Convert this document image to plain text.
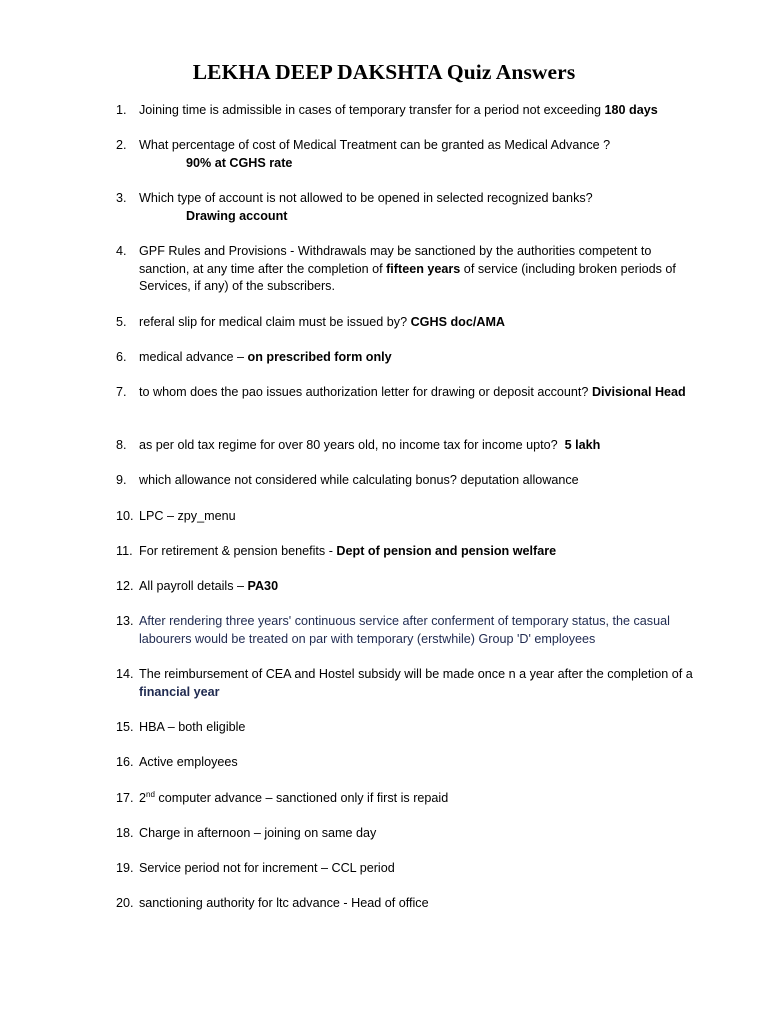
LEKHA DEEP DAKSHTA Quiz Answers
1. Joining time is admissible in cases of temporary transfer for a period not exceeding 180 days
2. What percentage of cost of Medical Treatment can be granted as Medical Advance ?
90% at CGHS rate
3. Which type of account is not allowed to be opened in selected recognized banks?
Drawing account
4. GPF Rules and Provisions - Withdrawals may be sanctioned by the authorities competent to sanction, at any time after the completion of fifteen years of service (including broken periods of Services, if any) of the subscribers.
5. referal slip for medical claim must be issued by? CGHS doc/AMA
6. medical advance – on prescribed form only
7. to whom does the pao issues authorization letter for drawing or deposit account? Divisional Head
8. as per old tax regime for over 80 years old, no income tax for income upto?  5 lakh
9. which allowance not considered while calculating bonus? deputation allowance
10. LPC – zpy_menu
11. For retirement & pension benefits - Dept of pension and pension welfare
12. All payroll details – PA30
13. After rendering three years' continuous service after conferment of temporary status, the casual labourers would be treated on par with temporary (erstwhile) Group 'D' employees
14. The reimbursement of CEA and Hostel subsidy will be made once n a year after the completion of a financial year
15. HBA – both eligible
16. Active employees
17. 2nd computer advance – sanctioned only if first is repaid
18. Charge in afternoon – joining on same day
19. Service period not for increment – CCL period
20. sanctioning authority for ltc advance - Head of office
